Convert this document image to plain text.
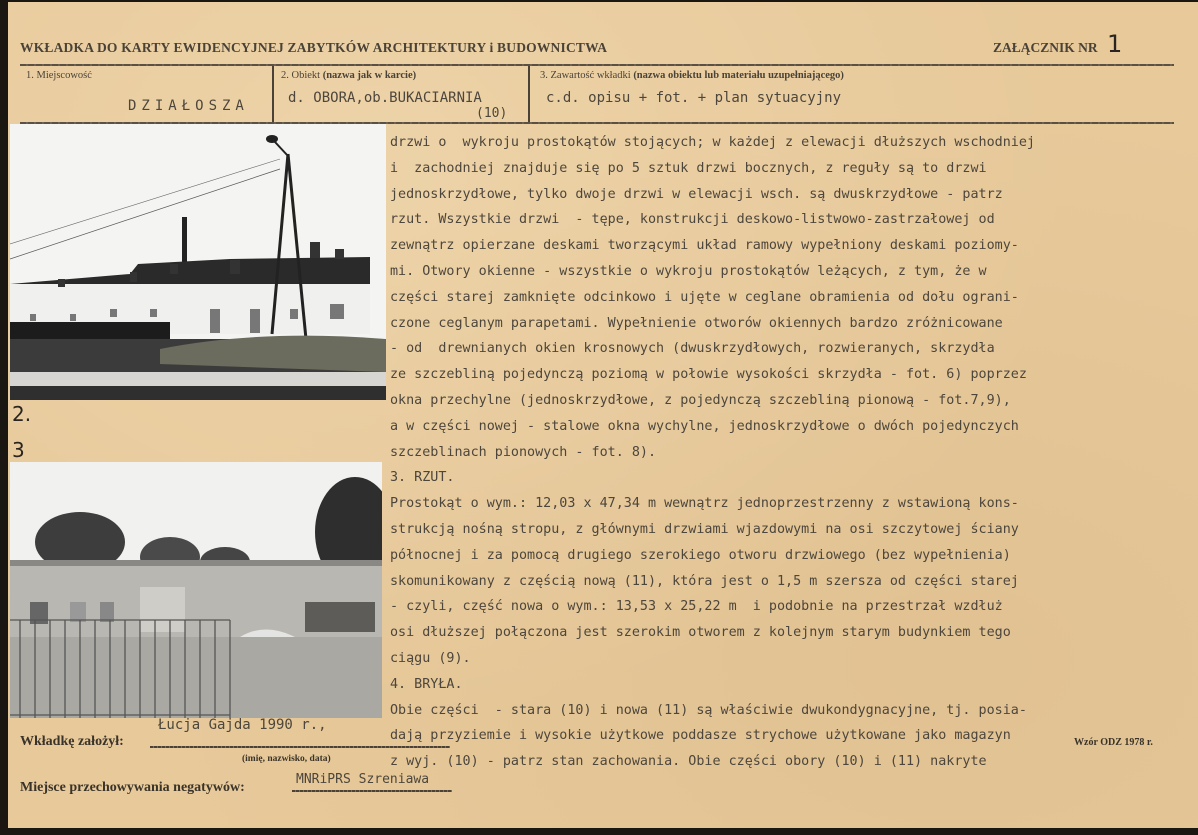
WKŁADKA DO KARTY EWIDENCYJNEJ ZABYTKÓW ARCHITEKTURY i BUDOWNICTWA	ZAŁĄCZNIK NR 1
1. Miejscowość
DZIAŁOSZA
2. Obiekt (nazwa jak w karcie)
d. OBORA,ob.BUKACIARNIA
(10)
3. Zawartość wkładki (nazwa obiektu lub materiału uzupełniającego)
c.d. opisu + fot. + plan sytuacyjny
2.
3
drzwi o  wykroju prostokątów stojących; w każdej z elewacji dłuższych wschodniej
i  zachodniej znajduje się po 5 sztuk drzwi bocznych, z reguły są to drzwi
jednoskrzydłowe, tylko dwoje drzwi w elewacji wsch. są dwuskrzydłowe - patrz
rzut. Wszystkie drzwi  - tępe, konstrukcji deskowo-listwowo-zastrzałowej od
zewnątrz opierzane deskami tworzącymi układ ramowy wypełniony deskami poziomy-
mi. Otwory okienne - wszystkie o wykroju prostokątów leżących, z tym, że w
części starej zamknięte odcinkowo i ujęte w ceglane obramienia od dołu ograni-
czone ceglanym parapetami. Wypełnienie otworów okiennych bardzo zróżnicowane
- od  drewnianych okien krosnowych (dwuskrzydłowych, rozwieranych, skrzydła
ze szczebliną pojedynczą poziomą w połowie wysokości skrzydła - fot. 6) poprzez
okna przechylne (jednoskrzydłowe, z pojedynczą szczebliną pionową - fot.7,9),
a w części nowej - stalowe okna wychylne, jednoskrzydłowe o dwóch pojedynczych
szczeblinach pionowych - fot. 8).
3. RZUT.
Prostokąt o wym.: 12,03 x 47,34 m wewnątrz jednoprzestrzenny z wstawioną kons-
strukcją nośną stropu, z głównymi drzwiami wjazdowymi na osi szczytowej ściany
północnej i za pomocą drugiego szerokiego otworu drzwiowego (bez wypełnienia)
skomunikowany z częścią nową (11), która jest o 1,5 m szersza od części starej
- czyli, część nowa o wym.: 13,53 x 25,22 m  i podobnie na przestrzał wzdłuż
osi dłuższej połączona jest szerokim otworem z kolejnym starym budynkiem tego
ciągu (9).
4. BRYŁA.
Obie części  - stara (10) i nowa (11) są właściwie dwukondygnacyjne, tj. posia-
dają przyziemie i wysokie użytkowe poddasze strychowe użytkowane jako magazyn
z wyj. (10) - patrz stan zachowania. Obie części obory (10) i (11) nakryte
Wkładkę założył:
Łucja Gajda 1990 r.,
(imię, nazwisko, data)
Miejsce przechowywania negatywów:
MNRiPRS Szreniawa
Wzór ODZ 1978 r.
